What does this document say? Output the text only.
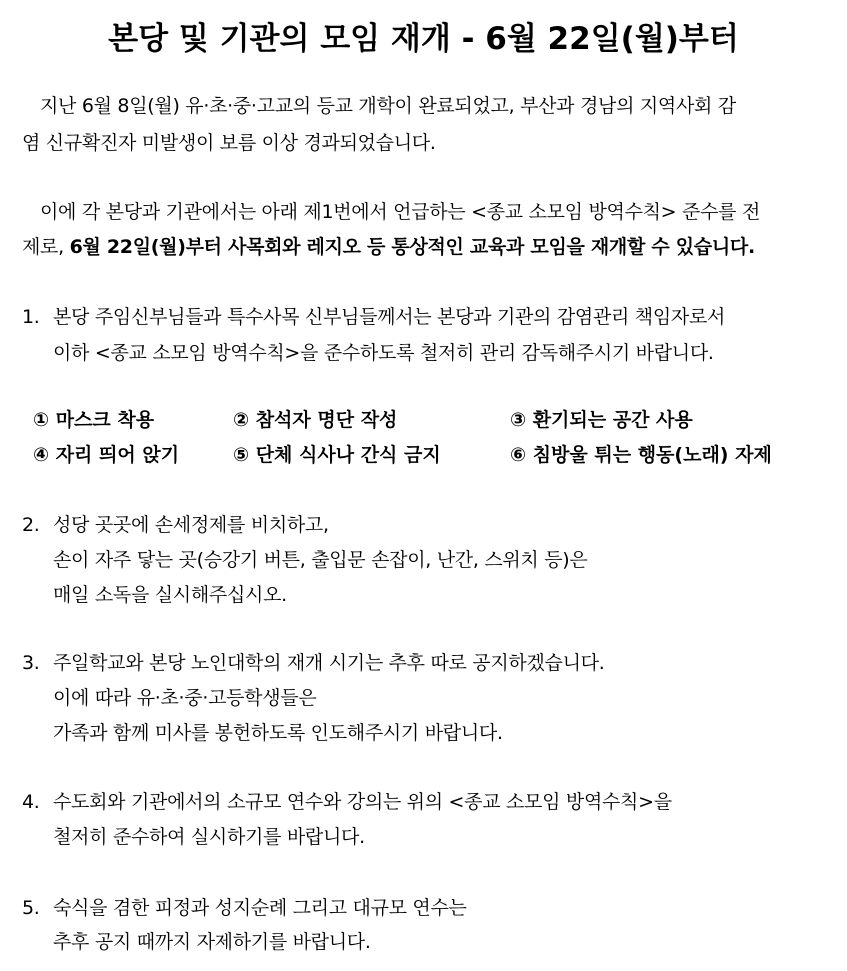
본당 및 기관의 모임 재개 - 6월 22일(월)부터
지난 6월 8일(월) 유·초·중·고교의 등교 개학이 완료되었고, 부산과 경남의 지역사회 감
염 신규확진자 미발생이 보름 이상 경과되었습니다.
이에 각 본당과 기관에서는 아래 제1번에서 언급하는 <종교 소모임 방역수칙> 준수를 전
제로, 6월 22일(월)부터 사목회와 레지오 등 통상적인 교육과 모임을 재개할 수 있습니다.
1. 본당 주임신부님들과 특수사목 신부님들께서는 본당과 기관의 감염관리 책임자로서
이하 <종교 소모임 방역수칙>을 준수하도록 철저히 관리 감독해주시기 바랍니다.
① 마스크 착용	② 참석자 명단 작성	③ 환기되는 공간 사용
④ 자리 띄어 앉기	⑤ 단체 식사나 간식 금지	⑥ 침방울 튀는 행동(노래) 자제
2. 성당 곳곳에 손세정제를 비치하고,
손이 자주 닿는 곳(승강기 버튼, 출입문 손잡이, 난간, 스위치 등)은
매일 소독을 실시해주십시오.
3. 주일학교와 본당 노인대학의 재개 시기는 추후 따로 공지하겠습니다.
이에 따라 유·초·중·고등학생들은
가족과 함께 미사를 봉헌하도록 인도해주시기 바랍니다.
4. 수도회와 기관에서의 소규모 연수와 강의는 위의 <종교 소모임 방역수칙>을
철저히 준수하여 실시하기를 바랍니다.
5. 숙식을 겸한 피정과 성지순례 그리고 대규모 연수는
추후 공지 때까지 자제하기를 바랍니다.
